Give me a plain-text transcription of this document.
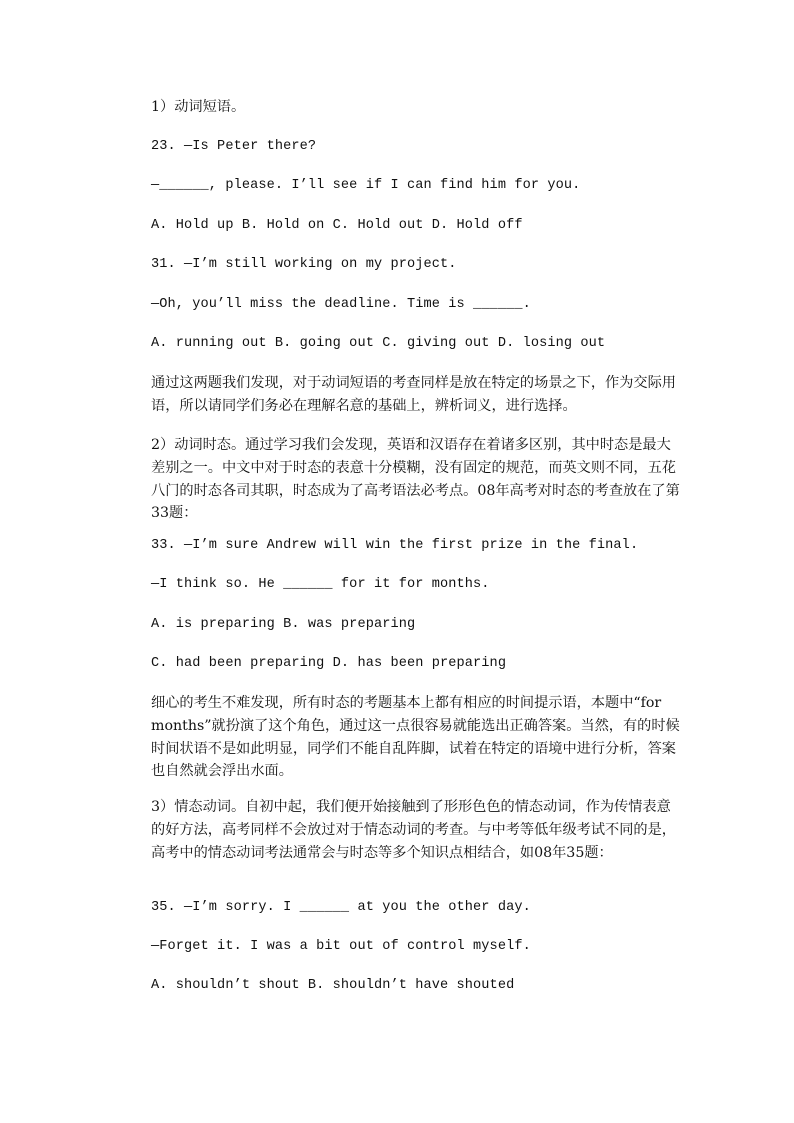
1）动词短语。
23. —Is Peter there?
—______, please. I’ll see if I can find him for you.
A. Hold up B. Hold on C. Hold out D. Hold off
31. —I’m still working on my project.
—Oh, you’ll miss the deadline. Time is ______.
A. running out B. going out C. giving out D. losing out
通过这两题我们发现，对于动词短语的考查同样是放在特定的场景之下，作为交际用语，所以请同学们务必在理解名意的基础上，辨析词义，进行选择。
2）动词时态。通过学习我们会发现，英语和汉语存在着诸多区别，其中时态是最大差别之一。中文中对于时态的表意十分模糊，没有固定的规范，而英文则不同，五花八门的时态各司其职，时态成为了高考语法必考点。08年高考对时态的考查放在了第33题：
33. —I’m sure Andrew will win the first prize in the final.
—I think so. He ______ for it for months.
A. is preparing B. was preparing
C. had been preparing D. has been preparing
细心的考生不难发现，所有时态的考题基本上都有相应的时间提示语，本题中“for months”就扮演了这个角色，通过这一点很容易就能选出正确答案。当然，有的时候时间状语不是如此明显，同学们不能自乱阵脚，试着在特定的语境中进行分析，答案也自然就会浮出水面。
3）情态动词。自初中起，我们便开始接触到了形形色色的情态动词，作为传情表意的好方法，高考同样不会放过对于情态动词的考查。与中考等低年级考试不同的是，高考中的情态动词考法通常会与时态等多个知识点相结合，如08年35题：
35. —I’m sorry. I ______ at you the other day.
—Forget it. I was a bit out of control myself.
A. shouldn’t shout B. shouldn’t have shouted
